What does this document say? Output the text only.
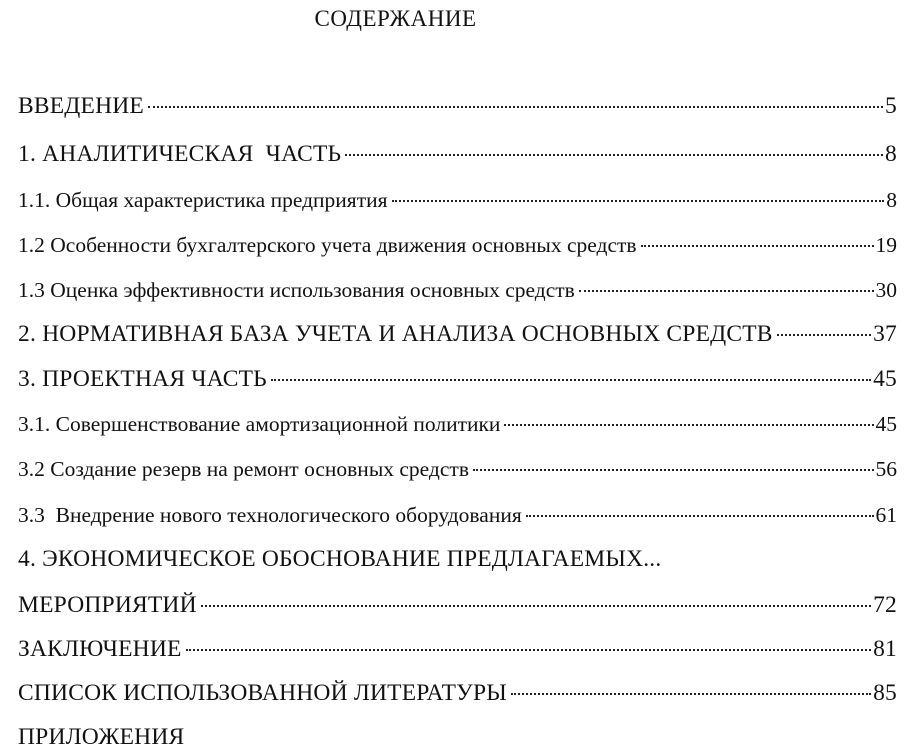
СОДЕРЖАНИЕ
ВВЕДЕНИЕ	5
1. АНАЛИТИЧЕСКАЯ  ЧАСТЬ	8
1.1. Общая характеристика предприятия	8
1.2 Особенности бухгалтерского учета движения основных средств	19
1.3 Оценка эффективности использования основных средств	30
2. НОРМАТИВНАЯ БАЗА УЧЕТА И АНАЛИЗА ОСНОВНЫХ СРЕДСТВ	37
3. ПРОЕКТНАЯ ЧАСТЬ	45
3.1. Совершенствование амортизационной политики	45
3.2 Создание резерв на ремонт основных средств	56
3.3  Внедрение нового технологического оборудования	61
4. ЭКОНОМИЧЕСКОЕ ОБОСНОВАНИЕ ПРЕДЛАГАЕМЫХ...
МЕРОПРИЯТИЙ	72
ЗАКЛЮЧЕНИЕ	81
СПИСОК ИСПОЛЬЗОВАННОЙ ЛИТЕРАТУРЫ	85
ПРИЛОЖЕНИЯ
